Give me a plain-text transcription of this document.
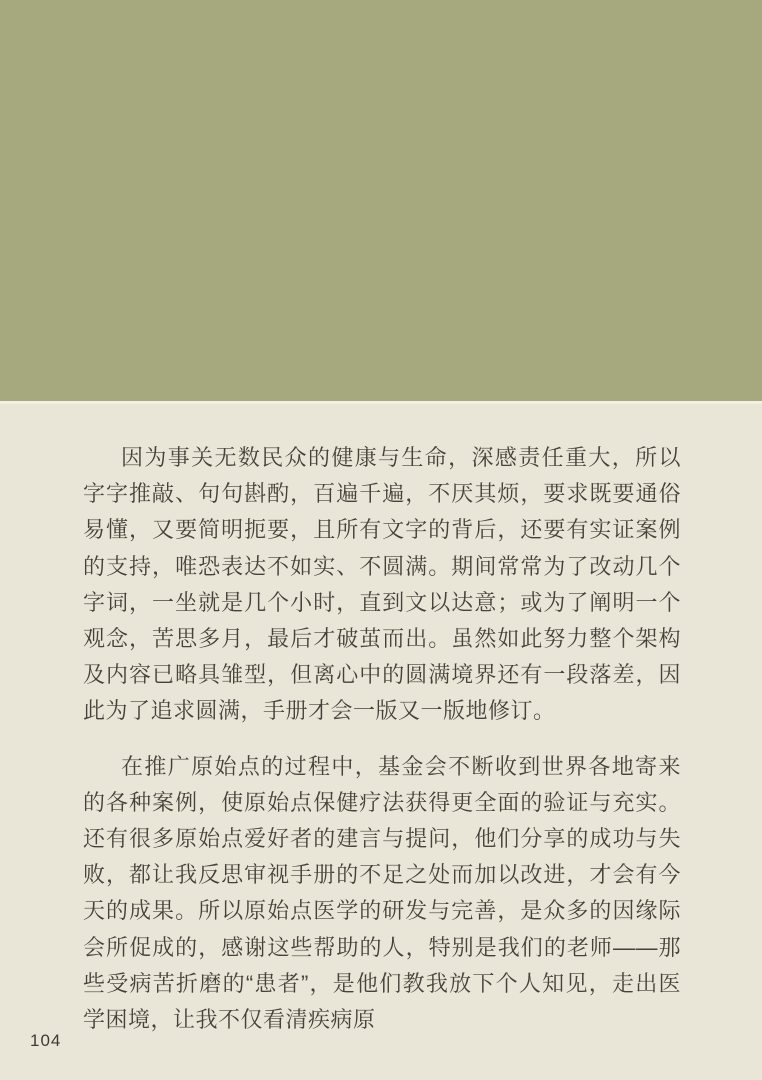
因为事关无数民众的健康与生命，深感责任重大，所以字字推敲、句句斟酌，百遍千遍，不厌其烦，要求既要通俗易懂，又要简明扼要，且所有文字的背后，还要有实证案例的支持，唯恐表达不如实、不圆满。期间常常为了改动几个字词，一坐就是几个小时，直到文以达意；或为了阐明一个观念，苦思多月，最后才破茧而出。虽然如此努力整个架构及内容已略具雏型，但离心中的圆满境界还有一段落差，因此为了追求圆满，手册才会一版又一版地修订。

在推广原始点的过程中，基金会不断收到世界各地寄来的各种案例，使原始点保健疗法获得更全面的验证与充实。还有很多原始点爱好者的建言与提问，他们分享的成功与失败，都让我反思审视手册的不足之处而加以改进，才会有今天的成果。所以原始点医学的研发与完善，是众多的因缘际会所促成的，感谢这些帮助的人，特别是我们的老师——那些受病苦折磨的“患者”，是他们教我放下个人知见，走出医学困境，让我不仅看清疾病原

104
